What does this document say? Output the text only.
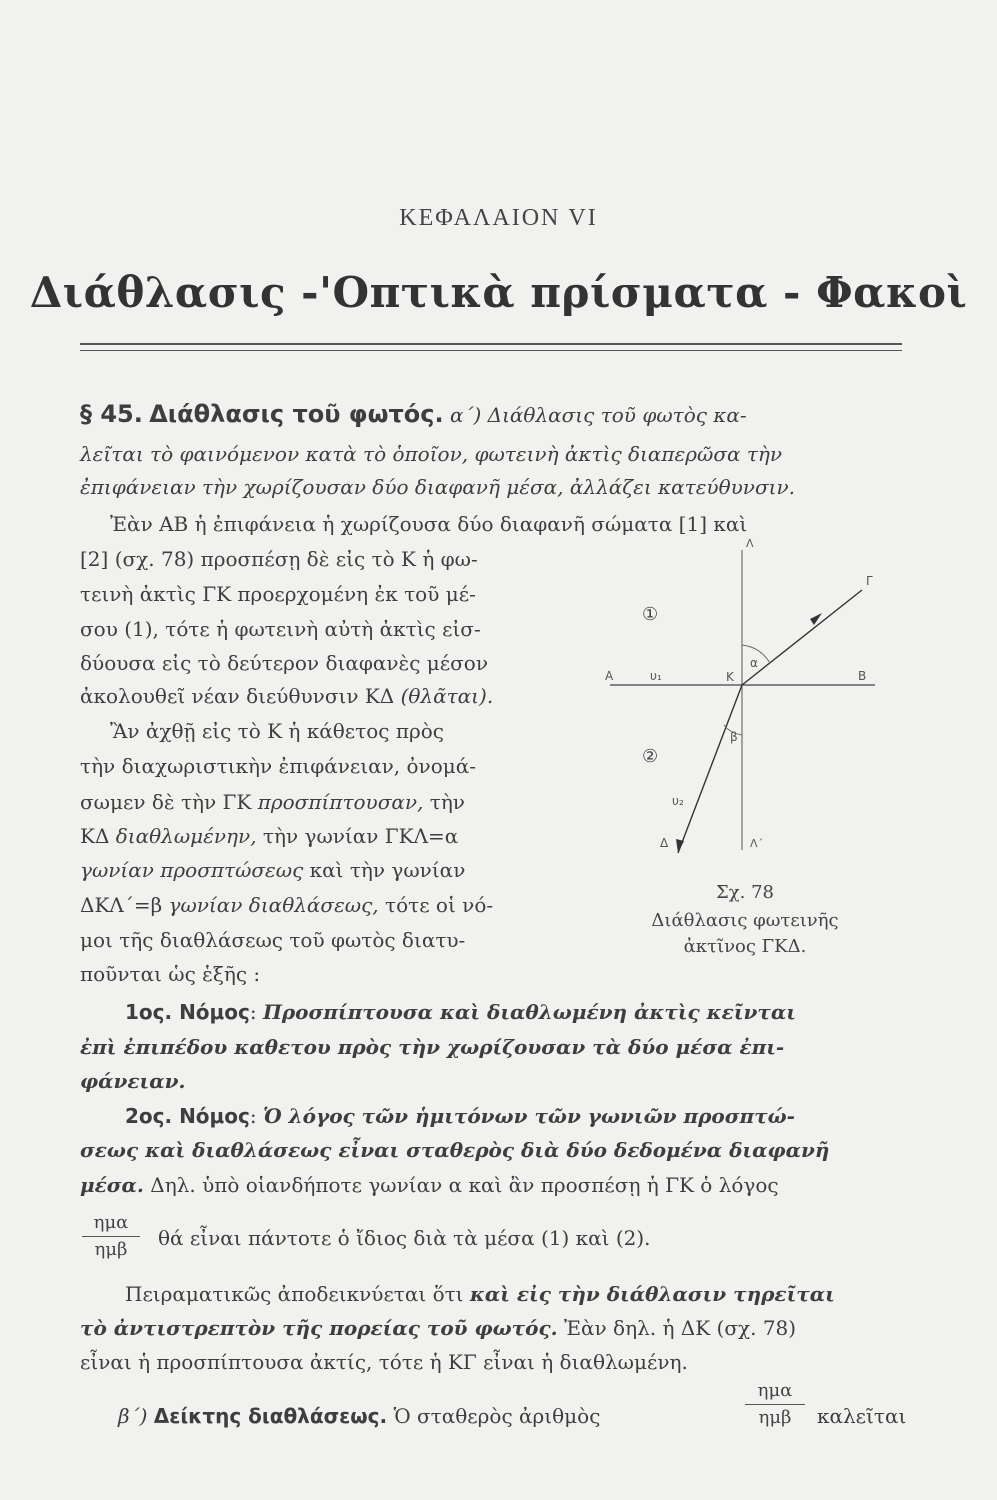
ΚΕΦΑΛΑΙΟΝ VI
Διάθλασις -'Οπτικὰ πρίσματα - Φακοὶ
§ 45. Διάθλασις τοῦ φωτός. α΄) Διάθλασις τοῦ φωτὸς κα-
λεῖται τὸ φαινόμενον κατὰ τὸ ὁποῖον, φωτεινὴ ἀκτὶς διαπερῶσα τὴν
ἐπιφάνειαν τὴν χωρίζουσαν δύο διαφανῆ μέσα, ἀλλάζει κατεύθυνσιν.
Ἐὰν ΑΒ ἡ ἐπιφάνεια ἡ χωρίζουσα δύο διαφανῆ σώματα [1] καὶ
[2] (σχ. 78) προσπέσῃ δὲ εἰς τὸ Κ ἡ φω-
τεινὴ ἀκτὶς ΓΚ προερχομένη ἐκ τοῦ μέ-
σου (1), τότε ἡ φωτεινὴ αὐτὴ ἀκτὶς εἰσ-
δύουσα εἰς τὸ δεύτερον διαφανὲς μέσον
ἀκολουθεῖ νέαν διεύθυνσιν ΚΔ (θλᾶται).
Ἂν ἀχθῇ εἰς τὸ Κ ἡ κάθετος πρὸς
τὴν διαχωριστικὴν ἐπιφάνειαν, ὀνομά-
σωμεν δὲ τὴν ΓΚ προσπίπτουσαν, τὴν
ΚΔ διαθλωμένην, τὴν γωνίαν ΓΚΛ=α
γωνίαν προσπτώσεως καὶ τὴν γωνίαν
ΔΚΛ΄=β γωνίαν διαθλάσεως, τότε οἱ νό-
μοι τῆς διαθλάσεως τοῦ φωτὸς διατυ-
ποῦνται ὡς ἑξῆς :
Λ
Γ
①
②
α
β
Α	Β
Κ
υ₁
υ₂
Δ	Λ΄
Σχ. 78
Διάθλασις φωτεινῆς
ἀκτῖνος ΓΚΔ.
1ος. Νόμος: Προσπίπτουσα καὶ διαθλωμένη ἀκτὶς κεῖνται
ἐπὶ ἐπιπέδου καθετου πρὸς τὴν χωρίζουσαν τὰ δύο μέσα ἐπι-
φάνειαν.
2ος. Νόμος: Ὁ λόγος τῶν ἡμιτόνων τῶν γωνιῶν προσπτώ-
σεως καὶ διαθλάσεως εἶναι σταθερὸς διὰ δύο δεδομένα διαφανῆ
μέσα. Δηλ. ὑπὸ οἱανδήποτε γωνίαν α καὶ ἂν προσπέσῃ ἡ ΓΚ ὁ λόγος
ημα
ημβ	θά εἶναι πάντοτε ὁ ἴδιος διὰ τὰ μέσα (1) καὶ (2).
Πειραματικῶς ἀποδεικνύεται ὅτι καὶ εἰς τὴν διάθλασιν τηρεῖται
τὸ ἀντιστρεπτὸν τῆς πορείας τοῦ φωτός. Ἐὰν δηλ. ἡ ΔΚ (σχ. 78)
εἶναι ἡ προσπίπτουσα ἀκτίς, τότε ἡ ΚΓ εἶναι ἡ διαθλωμένη.
β΄) Δείκτης διαθλάσεως. Ὁ σταθερὸς ἀριθμὸς
ημα
ημβ	καλεῖται
